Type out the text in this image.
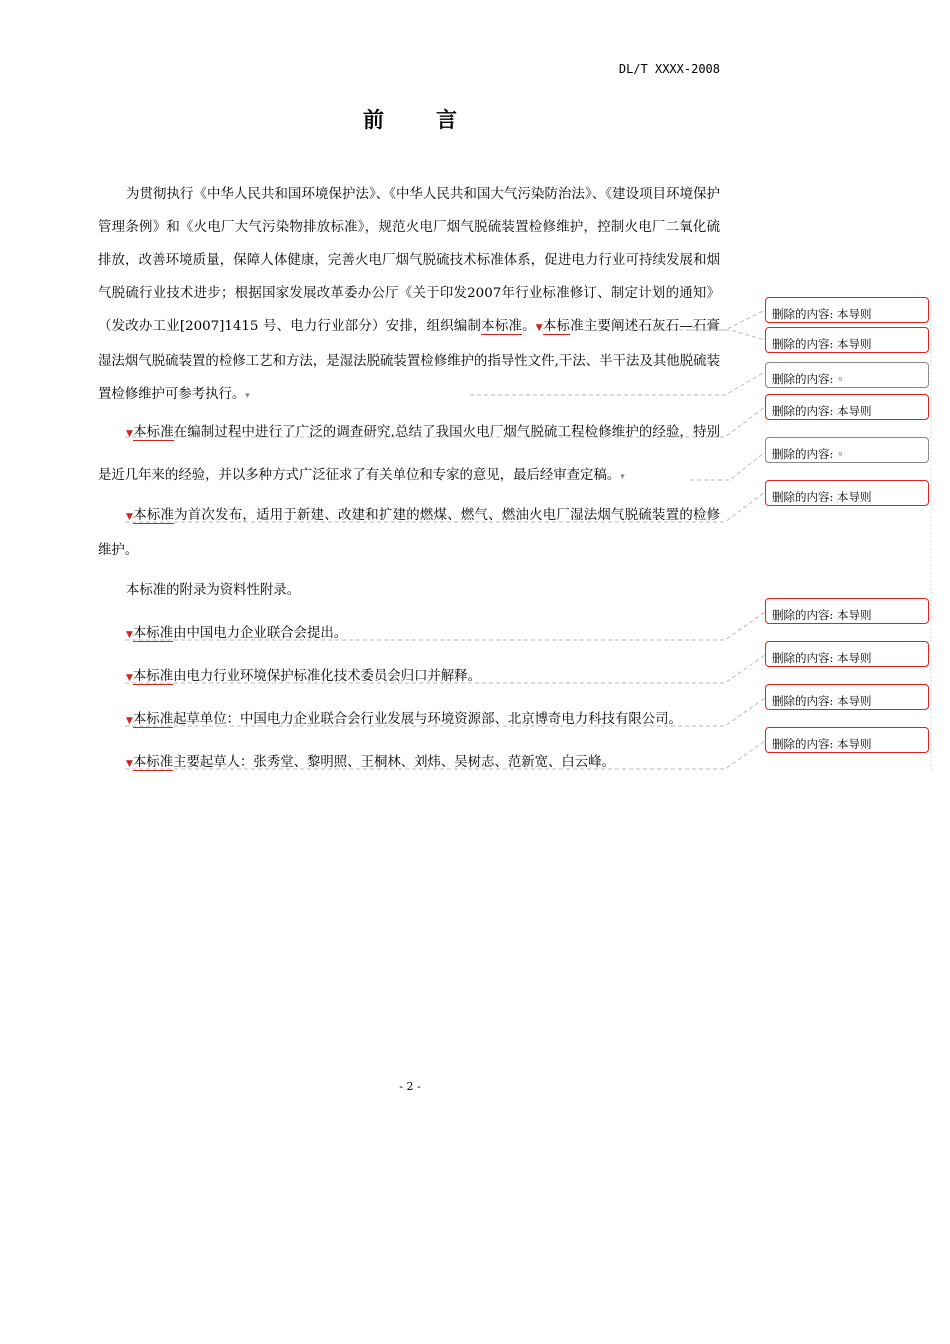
DL/T XXXX-2008
前言
为贯彻执行《中华人民共和国环境保护法》、《中华人民共和国大气污染防治法》、《建设项目环境保护管理条例》和《火电厂大气污染物排放标准》，规范火电厂烟气脱硫装置检修维护，控制火电厂二氧化硫排放，改善环境质量，保障人体健康，完善火电厂烟气脱硫技术标准体系，促进电力行业可持续发展和烟气脱硫行业技术进步；根据国家发展改革委办公厅《关于印发2007年行业标准修订、制定计划的通知》（发改办工业[2007]1415 号、电力行业部分）安排，组织编制本标准。▼本标准主要阐述石灰石—石膏湿法烟气脱硫装置的检修工艺和方法，是湿法脱硫装置检修维护的指导性文件,干法、半干法及其他脱硫装置检修维护可参考执行。▾
▼本标准在编制过程中进行了广泛的调查研究,总结了我国火电厂烟气脱硫工程检修维护的经验，特别是近几年来的经验，并以多种方式广泛征求了有关单位和专家的意见，最后经审查定稿。▾
▼本标准为首次发布，适用于新建、改建和扩建的燃煤、燃气、燃油火电厂湿法烟气脱硫装置的检修维护。
本标准的附录为资料性附录。
▼本标准由中国电力企业联合会提出。
▼本标准由电力行业环境保护标准化技术委员会归口并解释。
▼本标准起草单位：中国电力企业联合会行业发展与环境资源部、北京博奇电力科技有限公司。
▼本标准主要起草人：张秀堂、黎明照、王桐林、刘炜、吴树志、范新宽、白云峰。
删除的内容: 本导则
删除的内容: 本导则
删除的内容: ◦
删除的内容: 本导则
删除的内容: ◦
删除的内容: 本导则
删除的内容: 本导则
删除的内容: 本导则
删除的内容: 本导则
删除的内容: 本导则
- 2 -
